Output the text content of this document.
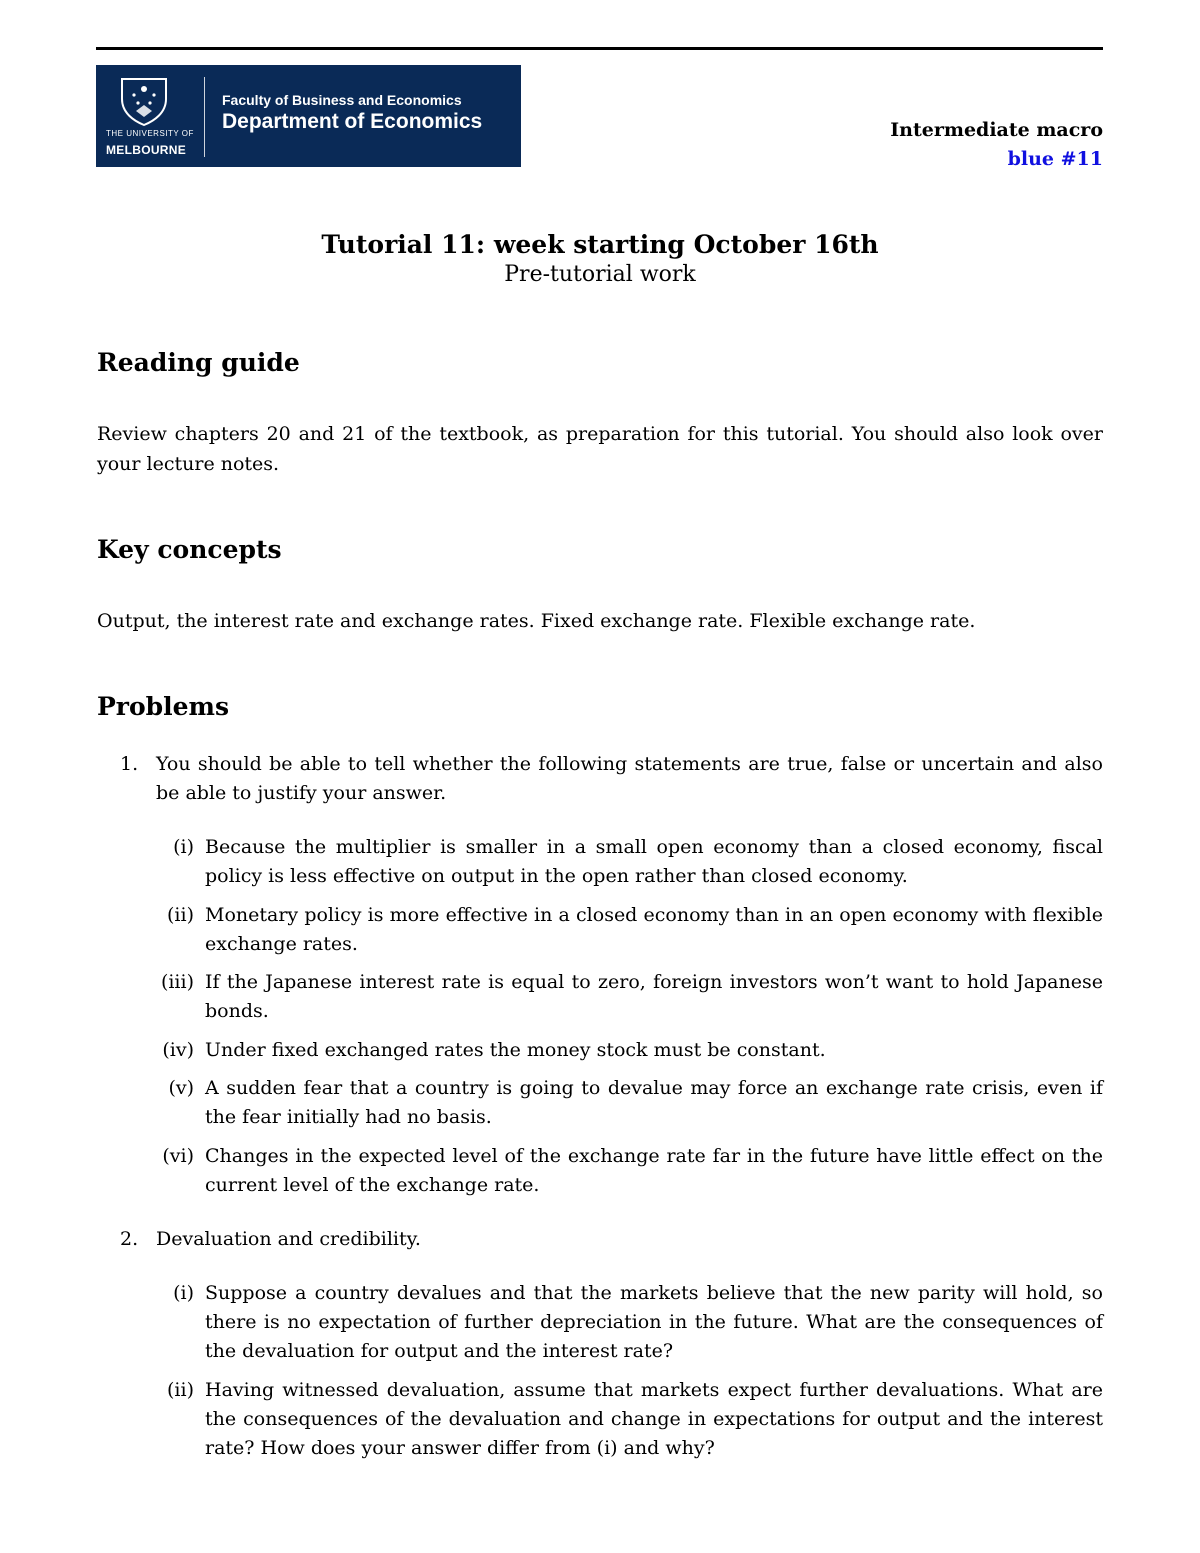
THE UNIVERSITY OF
MELBOURNE
Faculty of Business and Economics
Department of Economics	Intermediate macro
blue #11
Tutorial 11: week starting October 16th
Pre-tutorial work
Reading guide
Review chapters 20 and 21 of the textbook, as preparation for this tutorial. You should also look over your lecture notes.
Key concepts
Output, the interest rate and exchange rates. Fixed exchange rate. Flexible exchange rate.
Problems
1. You should be able to tell whether the following statements are true, false or uncertain and also be able to justify your answer.
(i) Because the multiplier is smaller in a small open economy than a closed economy, fiscal policy is less effective on output in the open rather than closed economy.
(ii) Monetary policy is more effective in a closed economy than in an open economy with flexible exchange rates.
(iii) If the Japanese interest rate is equal to zero, foreign investors won’t want to hold Japanese bonds.
(iv) Under fixed exchanged rates the money stock must be constant.
(v) A sudden fear that a country is going to devalue may force an exchange rate crisis, even if the fear initially had no basis.
(vi) Changes in the expected level of the exchange rate far in the future have little effect on the current level of the exchange rate.
2. Devaluation and credibility.
(i) Suppose a country devalues and that the markets believe that the new parity will hold, so there is no expectation of further depreciation in the future. What are the consequences of the devaluation for output and the interest rate?
(ii) Having witnessed devaluation, assume that markets expect further devaluations. What are the consequences of the devaluation and change in expectations for output and the interest rate? How does your answer differ from (i) and why?
